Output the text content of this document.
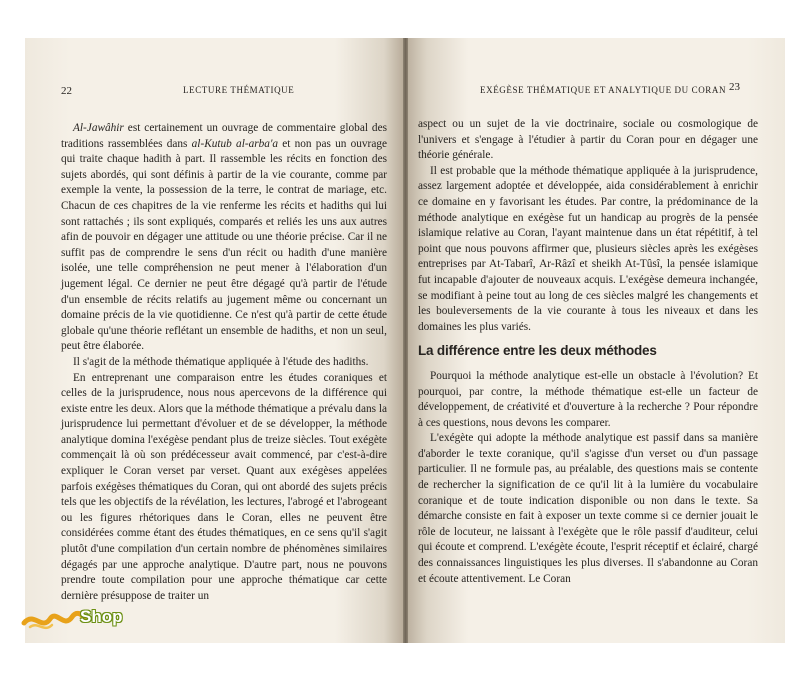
22	LECTURE THÉMATIQUE

Al-Jawâhir est certainement un ouvrage de commentaire global des traditions rassemblées dans al-Kutub al-arba'a et non pas un ouvrage qui traite chaque hadith à part. Il rassemble les récits en fonction des sujets abordés, qui sont définis à partir de la vie courante, comme par exemple la vente, la possession de la terre, le contrat de mariage, etc. Chacun de ces chapitres de la vie renferme les récits et hadiths qui lui sont rattachés ; ils sont expliqués, comparés et reliés les uns aux autres afin de pouvoir en dégager une attitude ou une théorie précise. Car il ne suffit pas de comprendre le sens d'un récit ou hadith d'une manière isolée, une telle compréhension ne peut mener à l'élaboration d'un jugement légal. Ce dernier ne peut être dégagé qu'à partir de l'étude d'un ensemble de récits relatifs au jugement même ou concernant un domaine précis de la vie quotidienne. Ce n'est qu'à partir de cette étude globale qu'une théorie reflétant un ensemble de hadiths, et non un seul, peut être élaborée.

Il s'agit de la méthode thématique appliquée à l'étude des hadiths.

En entreprenant une comparaison entre les études coraniques et celles de la jurisprudence, nous nous apercevons de la différence qui existe entre les deux. Alors que la méthode thématique a prévalu dans la jurisprudence lui permettant d'évoluer et de se développer, la méthode analytique domina l'exégèse pendant plus de treize siècles. Tout exégète commençait là où son prédécesseur avait commencé, par c'est-à-dire expliquer le Coran verset par verset. Quant aux exégèses appelées parfois exégèses thématiques du Coran, qui ont abordé des sujets précis tels que les objectifs de la révélation, les lectures, l'abrogé et l'abrogeant ou les figures rhétoriques dans le Coran, elles ne peuvent être considérées comme étant des études thématiques, en ce sens qu'il s'agit plutôt d'une compilation d'un certain nombre de phénomènes similaires dégagés par une approche analytique. D'autre part, nous ne pouvons prendre toute compilation pour une approche thématique car cette dernière présuppose de traiter un

EXÉGÈSE THÉMATIQUE ET ANALYTIQUE DU CORAN 23

aspect ou un sujet de la vie doctrinaire, sociale ou cosmologique de l'univers et s'engage à l'étudier à partir du Coran pour en dégager une théorie générale.

Il est probable que la méthode thématique appliquée à la jurisprudence, assez largement adoptée et développée, aida considérablement à enrichir ce domaine en y favorisant les études. Par contre, la prédominance de la méthode analytique en exégèse fut un handicap au progrès de la pensée islamique relative au Coran, l'ayant maintenue dans un état répétitif, à tel point que nous pouvons affirmer que, plusieurs siècles après les exégèses entreprises par At-Tabarî, Ar-Râzî et sheikh At-Tûsî, la pensée islamique fut incapable d'ajouter de nouveaux acquis. L'exégèse demeura inchangée, se modifiant à peine tout au long de ces siècles malgré les changements et les bouleversements de la vie courante à tous les niveaux et dans les domaines les plus variés.

La différence entre les deux méthodes

Pourquoi la méthode analytique est-elle un obstacle à l'évolution? Et pourquoi, par contre, la méthode thématique est-elle un facteur de développement, de créativité et d'ouverture à la recherche ? Pour répondre à ces questions, nous devons les comparer.

L'exégète qui adopte la méthode analytique est passif dans sa manière d'aborder le texte coranique, qu'il s'agisse d'un verset ou d'un passage particulier. Il ne formule pas, au préalable, des questions mais se contente de rechercher la signification de ce qu'il lit à la lumière du vocabulaire coranique et de toute indication disponible ou non dans le texte. Sa démarche consiste en fait à exposer un texte comme si ce dernier jouait le rôle de locuteur, ne laissant à l'exégète que le rôle passif d'auditeur, celui qui écoute et comprend. L'exégète écoute, l'esprit réceptif et éclairé, chargé des connaissances linguistiques les plus diverses. Il s'abandonne au Coran et écoute attentivement. Le Coran

Shop
